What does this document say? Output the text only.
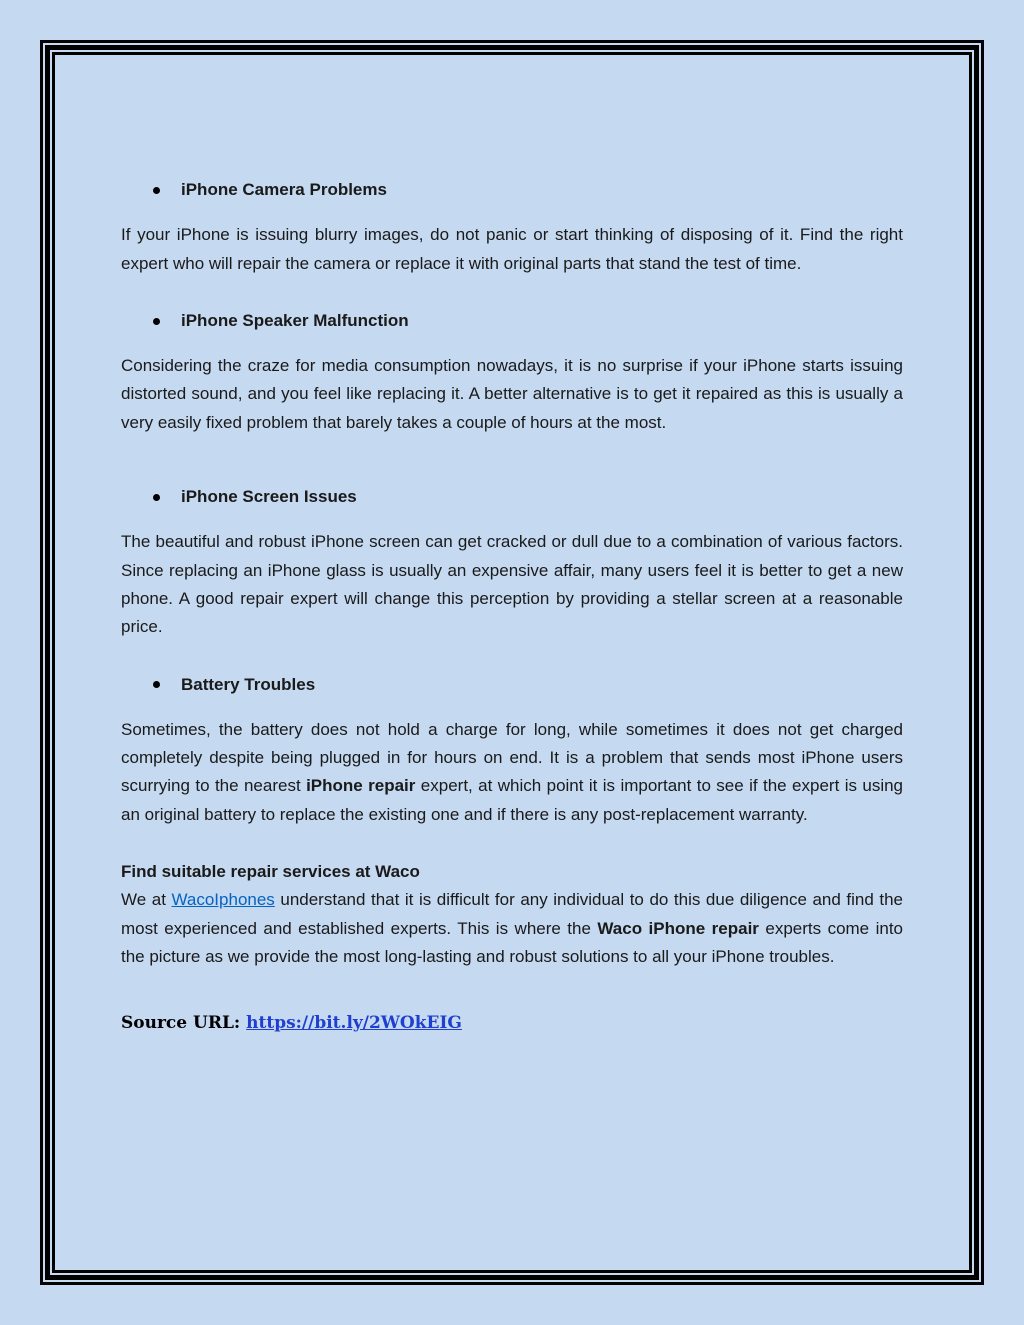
iPhone Camera Problems

If your iPhone is issuing blurry images, do not panic or start thinking of disposing of it. Find the right expert who will repair the camera or replace it with original parts that stand the test of time.

iPhone Speaker Malfunction

Considering the craze for media consumption nowadays, it is no surprise if your iPhone starts issuing distorted sound, and you feel like replacing it. A better alternative is to get it repaired as this is usually a very easily fixed problem that barely takes a couple of hours at the most.

iPhone Screen Issues

The beautiful and robust iPhone screen can get cracked or dull due to a combination of various factors. Since replacing an iPhone glass is usually an expensive affair, many users feel it is better to get a new phone. A good repair expert will change this perception by providing a stellar screen at a reasonable price.

Battery Troubles

Sometimes, the battery does not hold a charge for long, while sometimes it does not get charged completely despite being plugged in for hours on end. It is a problem that sends most iPhone users scurrying to the nearest iPhone repair expert, at which point it is important to see if the expert is using an original battery to replace the existing one and if there is any post-replacement warranty.

Find suitable repair services at Waco

We at WacoIphones understand that it is difficult for any individual to do this due diligence and find the most experienced and established experts. This is where the Waco iPhone repair experts come into the picture as we provide the most long-lasting and robust solutions to all your iPhone troubles.

Source URL: https://bit.ly/2WOkEIG
